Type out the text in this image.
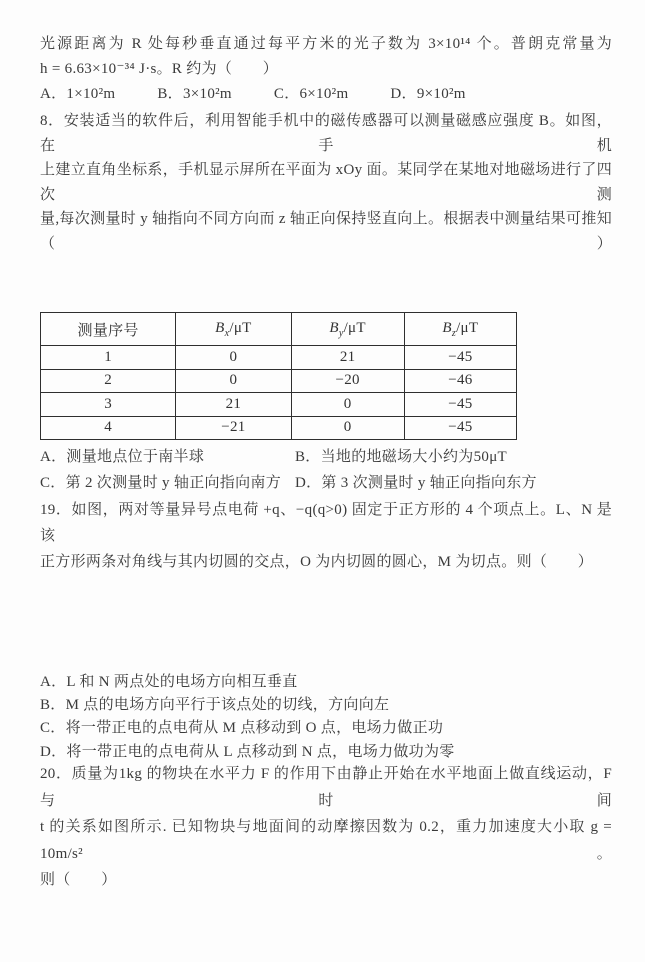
光源距离为 R 处每秒垂直通过每平方米的光子数为 3×10¹⁴ 个。普朗克常量为
h = 6.63×10⁻³⁴ J·s。R 约为（　　）
A．1×10²m	B．3×10²m	C．6×10²m	D．9×10²m
8．安装适当的软件后，利用智能手机中的磁传感器可以测量磁感应强度 B。如图，在手机
上建立直角坐标系，手机显示屏所在平面为 xOy 面。某同学在某地对地磁场进行了四次测
量,每次测量时 y 轴指向不同方向而 z 轴正向保持竖直向上。根据表中测量结果可推知（　　）
测量序号	$B_x/\mu T$	$B_y/\mu T$	$B_z/\mu T$
1	0	21	−45
2	0	−20	−46
3	21	0	−45
4	−21	0	−45
A．测量地点位于南半球	B．当地的地磁场大小约为50μT
C．第 2 次测量时 y 轴正向指向南方 D．第 3 次测量时 y 轴正向指向东方
19．如图，两对等量异号点电荷 +q、−q(q>0) 固定于正方形的 4 个项点上。L、N 是该
正方形两条对角线与其内切圆的交点，O 为内切圆的圆心，M 为切点。则（　　）
A．L 和 N 两点处的电场方向相互垂直
B．M 点的电场方向平行于该点处的切线，方向向左
C．将一带正电的点电荷从 M 点移动到 O 点，电场力做正功
D．将一带正电的点电荷从 L 点移动到 N 点，电场力做功为零
20．质量为1kg 的物块在水平力 F 的作用下由静止开始在水平地面上做直线运动，F 与时间
t 的关系如图所示. 已知物块与地面间的动摩擦因数为 0.2，重力加速度大小取 g = 10m/s²。
则（　　）
